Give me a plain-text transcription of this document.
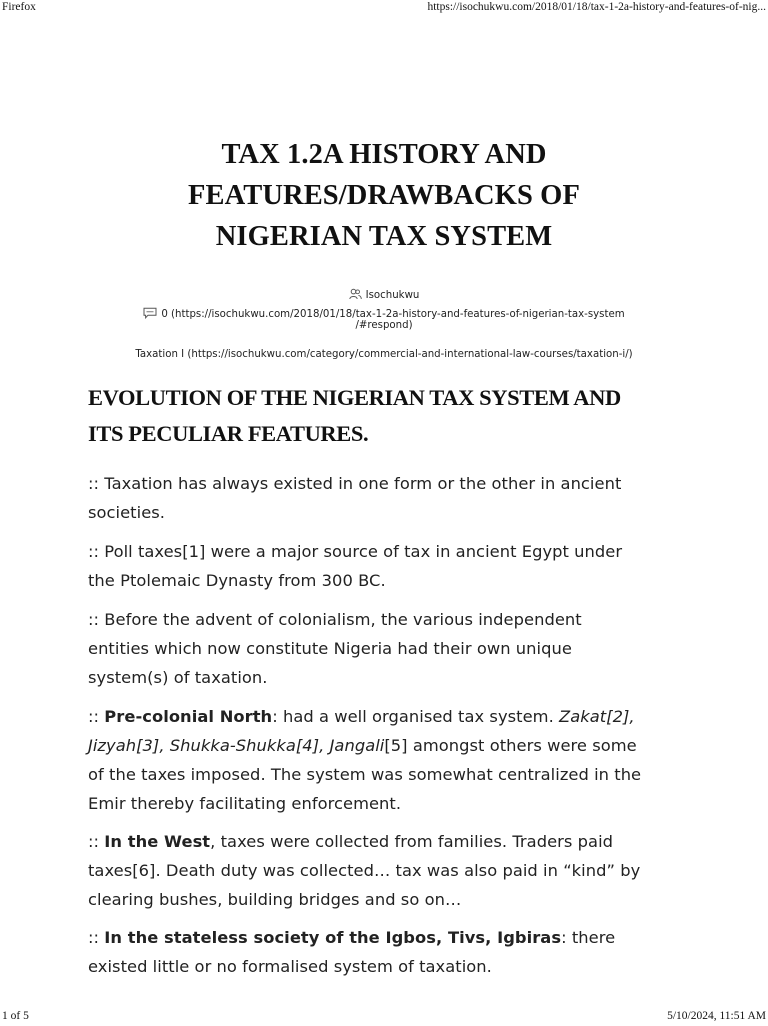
Firefox	https://isochukwu.com/2018/01/18/tax-1-2a-history-and-features-of-nig...
TAX 1.2A HISTORY AND
FEATURES/DRAWBACKS OF
NIGERIAN TAX SYSTEM
Isochukwu
0 (https://isochukwu.com/2018/01/18/tax-1-2a-history-and-features-of-nigerian-tax-system
/#respond)
Taxation I (https://isochukwu.com/category/commercial-and-international-law-courses/taxation-i/)
EVOLUTION OF THE NIGERIAN TAX SYSTEM AND
ITS PECULIAR FEATURES.

:: Taxation has always existed in one form or the other in ancient
societies.

:: Poll taxes[1] were a major source of tax in ancient Egypt under
the Ptolemaic Dynasty from 300 BC.

:: Before the advent of colonialism, the various independent
entities which now constitute Nigeria had their own unique
system(s) of taxation.

:: Pre-colonial North: had a well organised tax system. Zakat[2],
Jizyah[3], Shukka-Shukka[4], Jangali[5] amongst others were some
of the taxes imposed. The system was somewhat centralized in the
Emir thereby facilitating enforcement.

:: In the West, taxes were collected from families. Traders paid
taxes[6]. Death duty was collected… tax was also paid in “kind” by
clearing bushes, building bridges and so on…

:: In the stateless society of the Igbos, Tivs, Igbiras: there
existed little or no formalised system of taxation.

1 of 5	5/10/2024, 11:51 AM
